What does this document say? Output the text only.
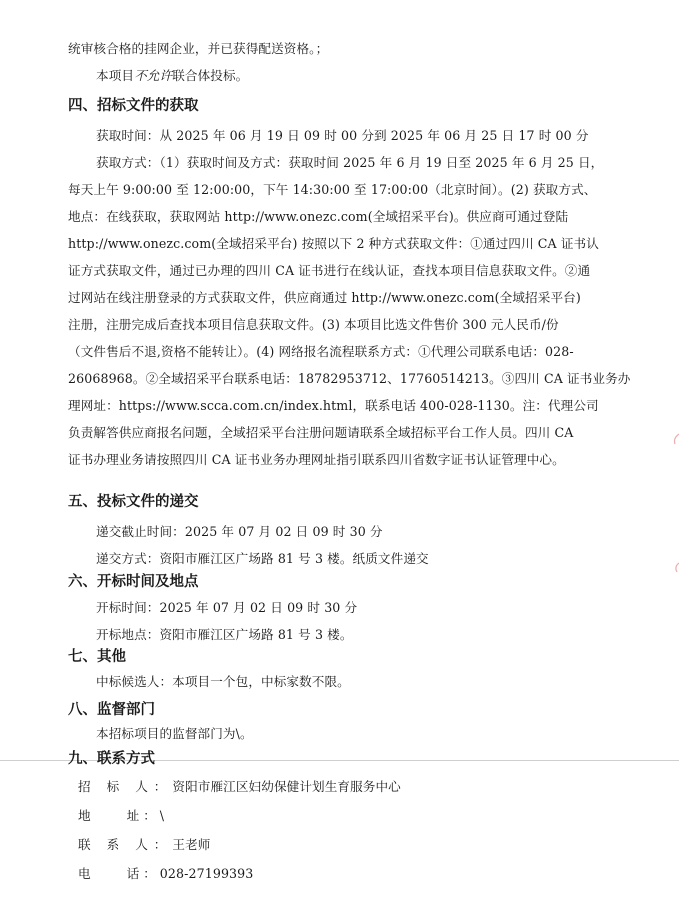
统审核合格的挂网企业，并已获得配送资格。；
本项目不允许联合体投标。
四、招标文件的获取
获取时间：从 2025 年 06 月 19 日 09 时 00 分到 2025 年 06 月 25 日 17 时 00 分
获取方式：（1）获取时间及方式：获取时间 2025 年 6 月 19 日至 2025 年 6 月 25 日，
每天上午 9:00:00 至 12:00:00，下午 14:30:00 至 17:00:00（北京时间）。(2) 获取方式、
地点：在线获取，获取网站 http://www.onezc.com(全域招采平台)。供应商可通过登陆
http://www.onezc.com(全域招采平台) 按照以下 2 种方式获取文件：①通过四川 CA 证书认
证方式获取文件，通过已办理的四川 CA 证书进行在线认证，查找本项目信息获取文件。②通
过网站在线注册登录的方式获取文件，供应商通过 http://www.onezc.com(全域招采平台)
注册，注册完成后查找本项目信息获取文件。(3) 本项目比选文件售价 300 元人民币/份
（文件售后不退,资格不能转让）。(4) 网络报名流程联系方式：①代理公司联系电话：028-
26068968。②全域招采平台联系电话：18782953712、17760514213。③四川 CA 证书业务办
理网址：https://www.scca.com.cn/index.html，联系电话 400-028-1130。注：代理公司
负责解答供应商报名问题，全域招采平台注册问题请联系全域招标平台工作人员。四川 CA
证书办理业务请按照四川 CA 证书业务办理网址指引联系四川省数字证书认证管理中心。
五、投标文件的递交
递交截止时间：2025 年 07 月 02 日 09 时 30 分
递交方式：资阳市雁江区广场路 81 号 3 楼。纸质文件递交
六、开标时间及地点
开标时间：2025 年 07 月 02 日 09 时 30 分
开标地点：资阳市雁江区广场路 81 号 3 楼。
七、其他
中标候选人：本项目一个包，中标家数不限。
八、监督部门
本招标项目的监督部门为\。
九、联系方式
招 标 人：资阳市雁江区妇幼保健计划生育服务中心
地    址：\
联 系 人：王老师
电    话：028-27199393
